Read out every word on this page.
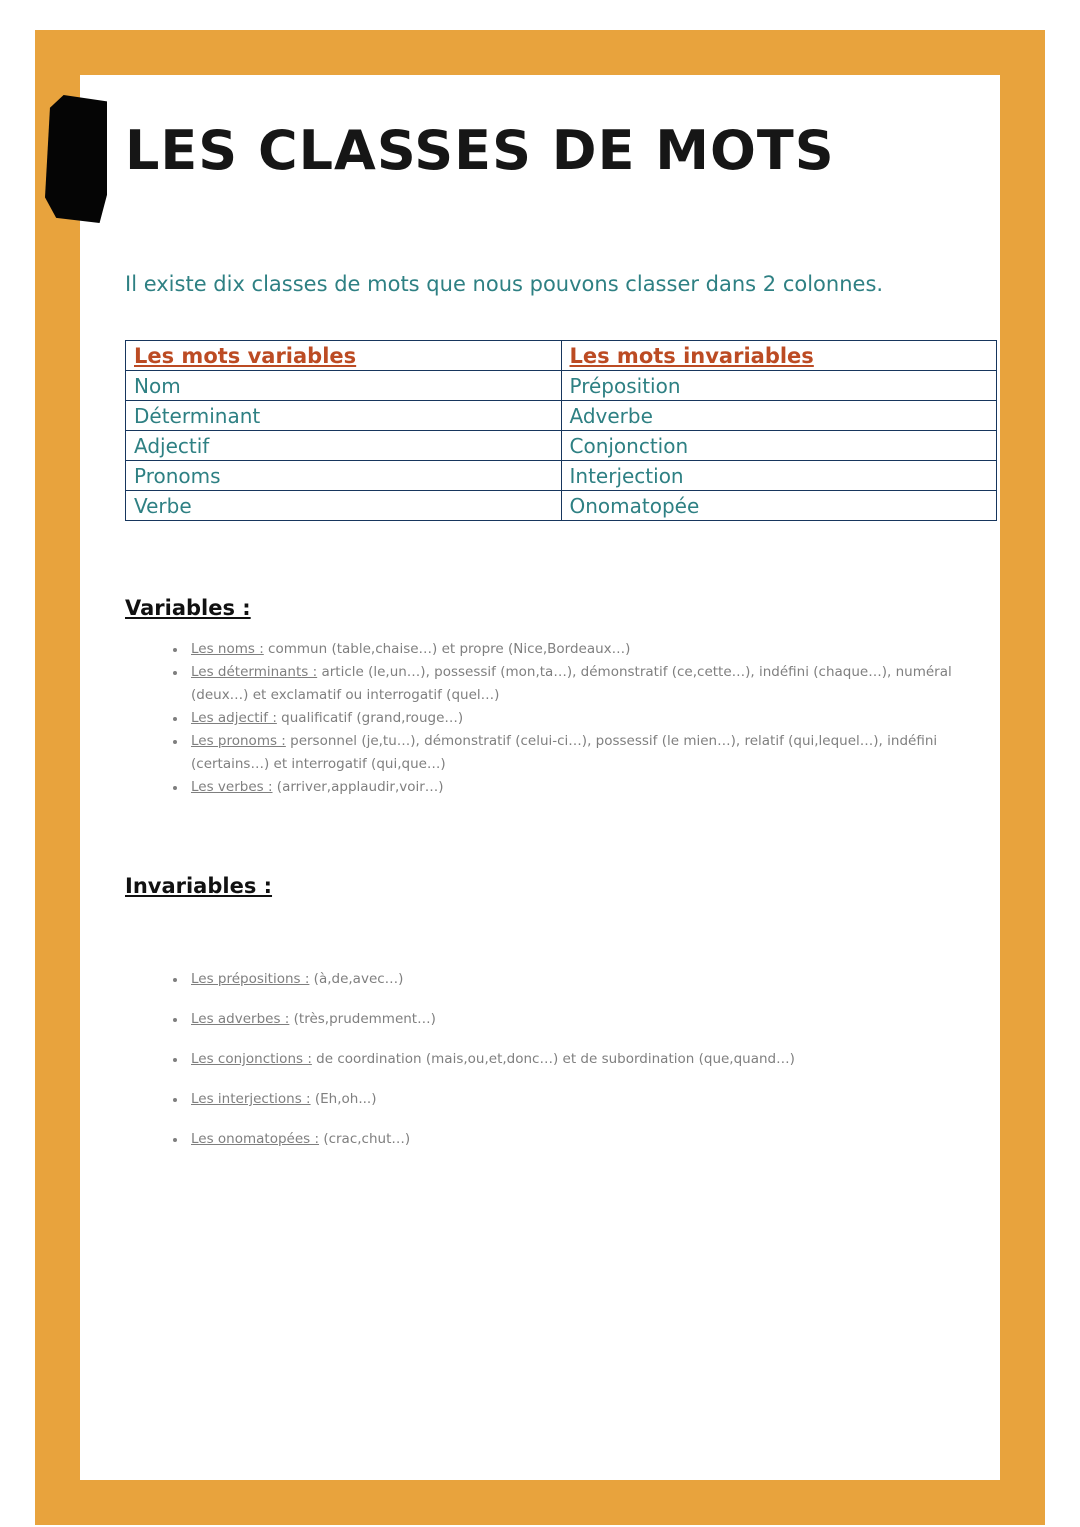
LES CLASSES DE MOTS

Il existe dix classes de mots que nous pouvons classer dans 2 colonnes.

Les mots variables	Les mots invariables
Nom	Préposition
Déterminant	Adverbe
Adjectif	Conjonction
Pronoms	Interjection
Verbe	Onomatopée
Variables :
• Les noms : commun (table,chaise…) et propre (Nice,Bordeaux…)
• Les déterminants : article (le,un…), possessif (mon,ta…), démonstratif (ce,cette…), indéfini (chaque…), numéral (deux…) et exclamatif ou interrogatif (quel…)
• Les adjectif : qualificatif (grand,rouge…)
• Les pronoms : personnel (je,tu…), démonstratif (celui-ci…), possessif (le mien…), relatif (qui,lequel…), indéfini (certains…) et interrogatif (qui,que…)
• Les verbes : (arriver,applaudir,voir…)
Invariables :
• Les prépositions : (à,de,avec…)
• Les adverbes : (très,prudemment…)
• Les conjonctions : de coordination (mais,ou,et,donc…) et de subordination (que,quand…)
• Les interjections : (Eh,oh...)
• Les onomatopées : (crac,chut…)
